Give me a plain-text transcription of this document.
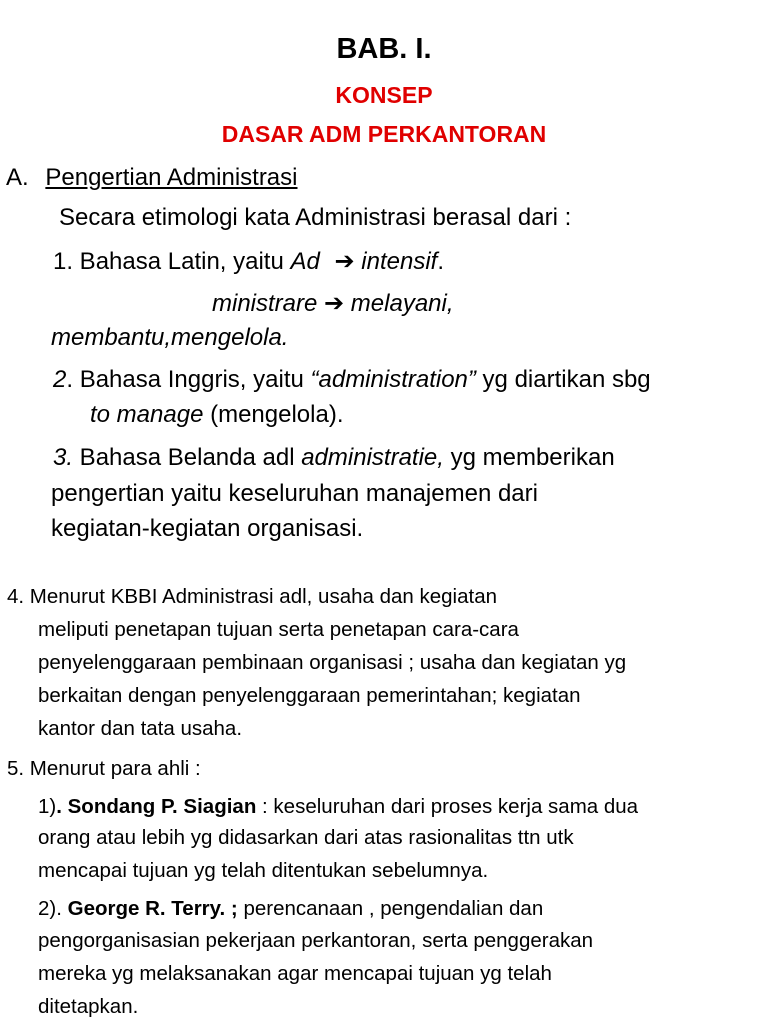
BAB. I.
KONSEP
DASAR ADM PERKANTORAN
A. Pengertian Administrasi
Secara etimologi kata Administrasi berasal dari :
1. Bahasa Latin, yaitu Ad ➔ intensif.
ministrare ➔ melayani,
membantu,mengelola.
2. Bahasa Inggris, yaitu “administration” yg diartikan sbg
to manage (mengelola).
3. Bahasa Belanda adl administratie, yg memberikan
pengertian yaitu keseluruhan manajemen dari
kegiatan-kegiatan organisasi.
4. Menurut KBBI Administrasi adl, usaha dan kegiatan
meliputi penetapan tujuan serta penetapan cara-cara
penyelenggaraan pembinaan organisasi ; usaha dan kegiatan yg
berkaitan dengan penyelenggaraan pemerintahan; kegiatan
kantor dan tata usaha.
5. Menurut para ahli :
1). Sondang P. Siagian : keseluruhan dari proses kerja sama dua
orang atau lebih yg didasarkan dari atas rasionalitas ttn utk
mencapai tujuan yg telah ditentukan sebelumnya.
2). George R. Terry. ; perencanaan , pengendalian dan
pengorganisasian pekerjaan perkantoran, serta penggerakan
mereka yg melaksanakan agar mencapai tujuan yg telah
ditetapkan.
